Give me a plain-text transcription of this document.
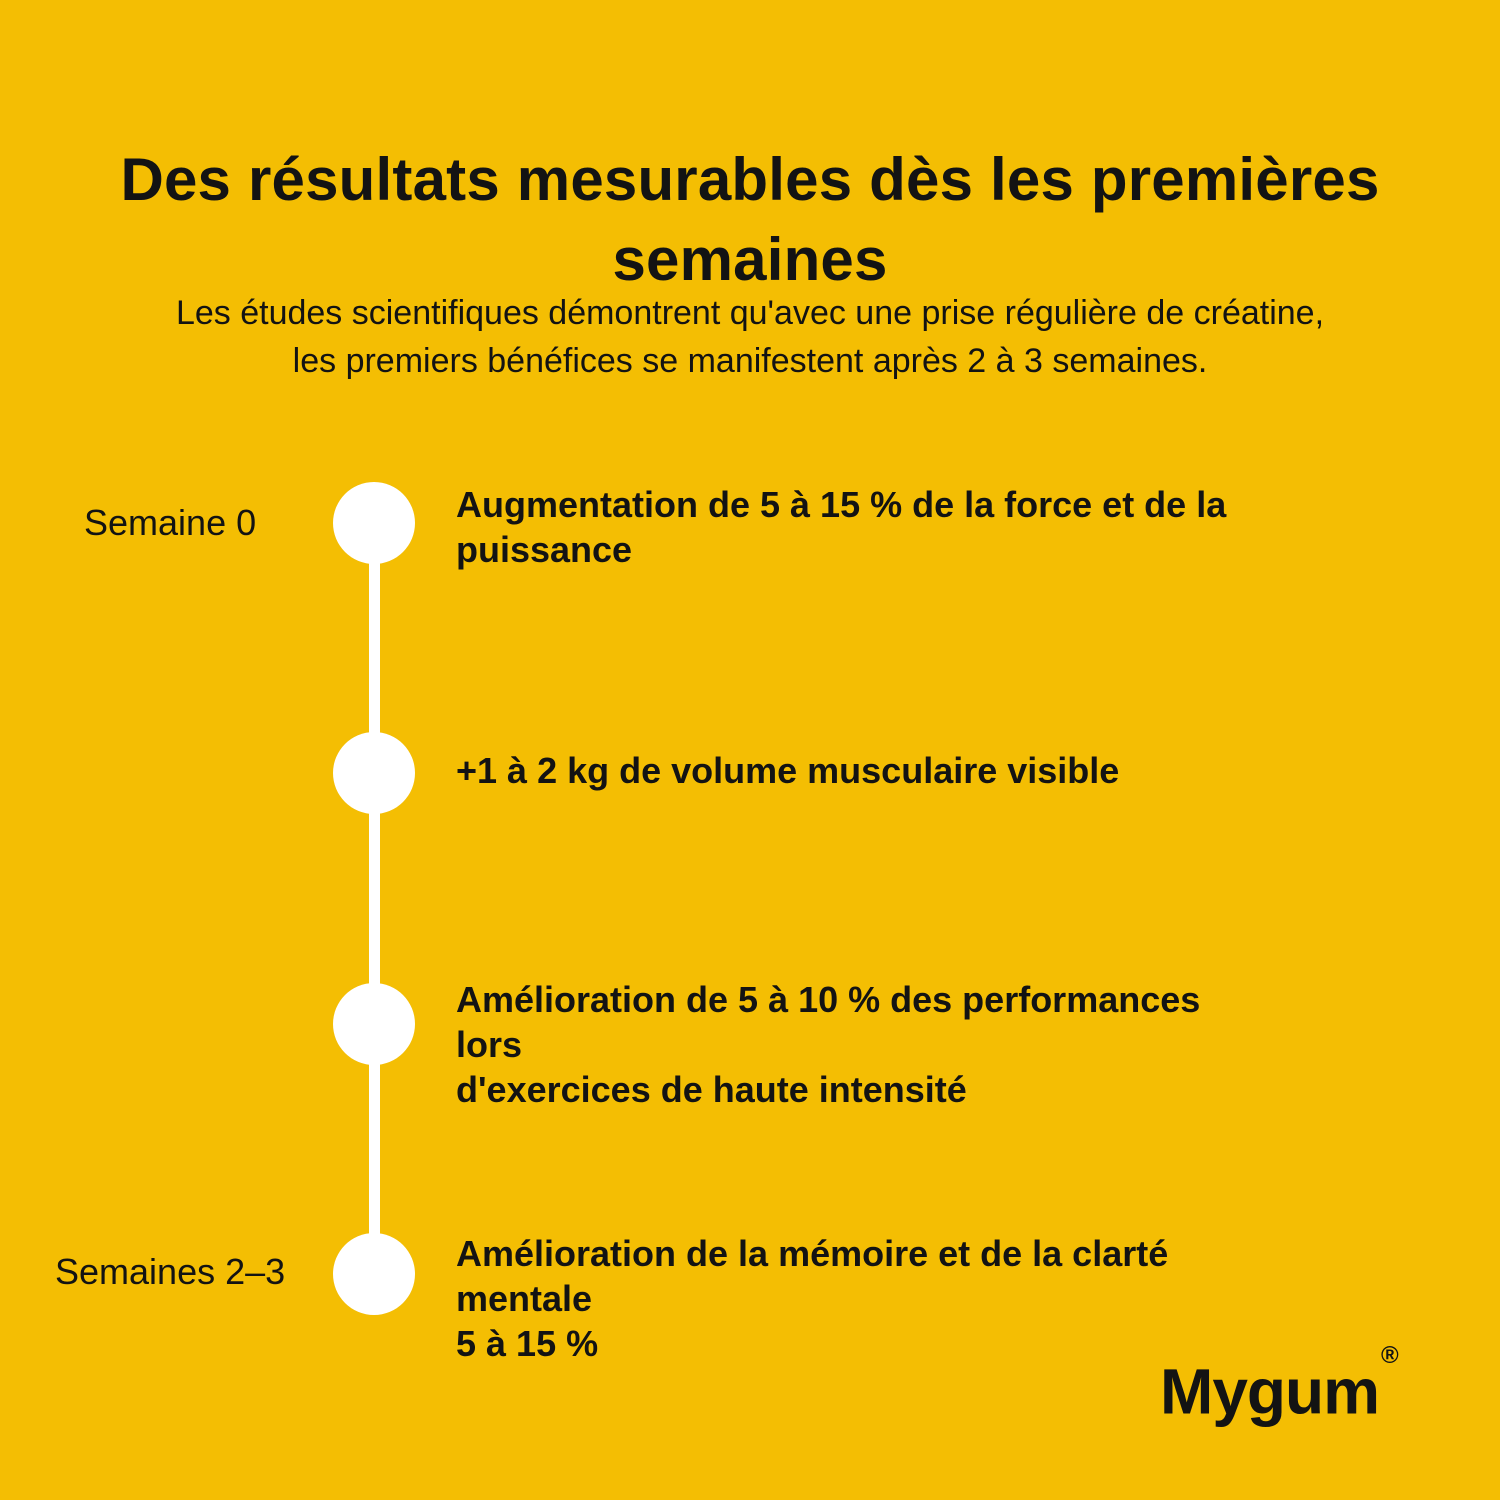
Des résultats mesurables dès les premières
semaines
Les études scientifiques démontrent qu'avec une prise régulière de créatine,
les premiers bénéfices se manifestent après 2 à 3 semaines.
Semaine 0
Semaines 2–3
Augmentation de 5 à 15 % de la force et de la
puissance
+1 à 2 kg de volume musculaire visible
Amélioration de 5 à 10 % des performances lors
d'exercices de haute intensité
Amélioration de la mémoire et de la clarté mentale
5 à 15 %
Mygum®
